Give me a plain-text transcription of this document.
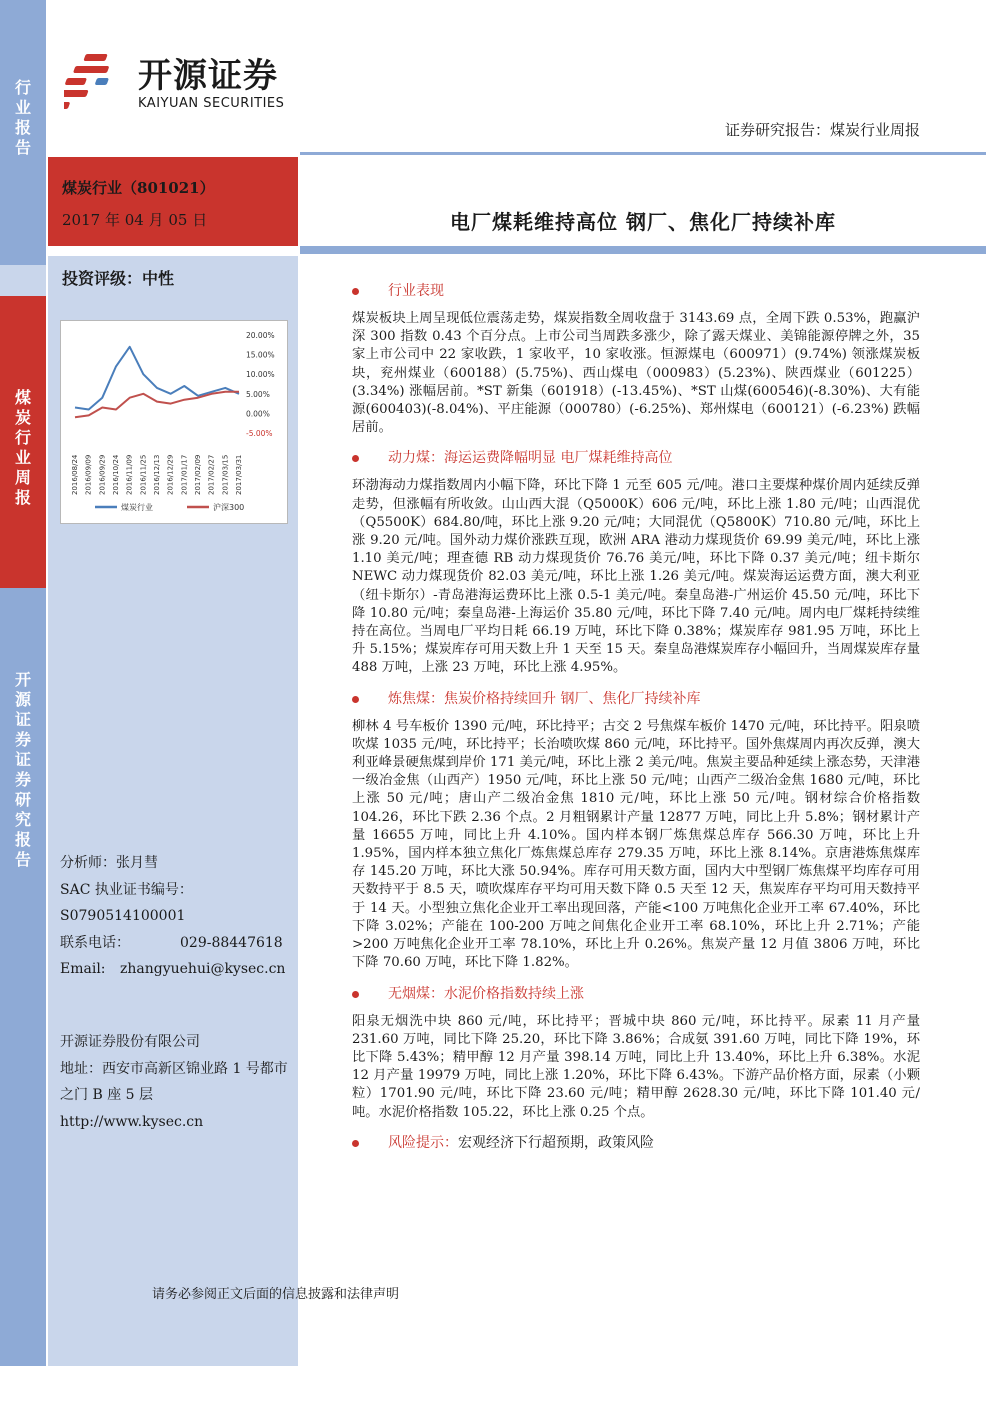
行业报告
煤炭行业周报
开源证券证券研究报告
开源证券
KAIYUAN SECURITIES
证券研究报告：煤炭行业周报
煤炭行业（801021）
2017 年 04 月 05 日	电厂煤耗维持高位 钢厂、焦化厂持续补库
投资评级：中性
20.00%
15.00%
10.00%
5.00%
0.00%
-5.00%
2016/08/24 2016/09/09 2016/09/29 2016/10/24 2016/11/09 2016/11/25 2016/12/13 2016/12/29 2017/01/17 2017/02/09 2017/02/27 2017/03/15 2017/03/31
煤炭行业	沪深300
分析师：张月彗
SAC 执业证书编号：
S0790514100001
联系电话：	029-88447618
Email: zhangyuehui@kysec.cn
开源证券股份有限公司
地址：西安市高新区锦业路 1 号都市之门 B 座 5 层
http://www.kysec.cn
行业表现

煤炭板块上周呈现低位震荡走势，煤炭指数全周收盘于 3143.69 点，全周下跌 0.53%，跑赢沪深 300 指数 0.43 个百分点。上市公司当周跌多涨少，除了露天煤业、美锦能源停牌之外，35 家上市公司中 22 家收跌，1 家收平，10 家收涨。恒源煤电（600971）(9.74%) 领涨煤炭板块，兖州煤业（600188）(5.75%)、西山煤电（000983）(5.23%)、陕西煤业（601225）(3.34%) 涨幅居前。*ST 新集（601918）(-13.45%)、*ST 山煤(600546)(-8.30%)、大有能源(600403)(-8.04%)、平庄能源（000780）(-6.25%)、郑州煤电（600121）(-6.23%) 跌幅居前。

动力煤：海运运费降幅明显 电厂煤耗维持高位

环渤海动力煤指数周内小幅下降，环比下降 1 元至 605 元/吨。港口主要煤种煤价周内延续反弹走势，但涨幅有所收敛。山山西大混（Q5000K）606 元/吨，环比上涨 1.80 元/吨；山西混优（Q5500K）684.80/吨，环比上涨 9.20 元/吨；大同混优（Q5800K）710.80 元/吨，环比上涨 9.20 元/吨。国外动力煤价涨跌互现，欧洲 ARA 港动力煤现货价 69.99 美元/吨，环比上涨 1.10 美元/吨；理查德 RB 动力煤现货价 76.76 美元/吨，环比下降 0.37 美元/吨；纽卡斯尔 NEWC 动力煤现货价 82.03 美元/吨，环比上涨 1.26 美元/吨。煤炭海运运费方面，澳大利亚（纽卡斯尔）-青岛港海运费环比上涨 0.5-1 美元/吨。秦皇岛港-广州运价 45.50 元/吨，环比下降 10.80 元/吨；秦皇岛港-上海运价 35.80 元/吨，环比下降 7.40 元/吨。周内电厂煤耗持续维持在高位。当周电厂平均日耗 66.19 万吨，环比下降 0.38%；煤炭库存 981.95 万吨，环比上升 5.15%；煤炭库存可用天数上升 1 天至 15 天。秦皇岛港煤炭库存小幅回升，当周煤炭库存量 488 万吨，上涨 23 万吨，环比上涨 4.95%。

炼焦煤：焦炭价格持续回升 钢厂、焦化厂持续补库

柳林 4 号车板价 1390 元/吨，环比持平；古交 2 号焦煤车板价 1470 元/吨，环比持平。阳泉喷吹煤 1035 元/吨，环比持平；长治喷吹煤 860 元/吨，环比持平。国外焦煤周内再次反弹，澳大利亚峰景硬焦煤到岸价 171 美元/吨，环比上涨 2 美元/吨。焦炭主要品种延续上涨态势，天津港一级冶金焦（山西产）1950 元/吨，环比上涨 50 元/吨；山西产二级冶金焦 1680 元/吨，环比上涨 50 元/吨；唐山产二级冶金焦 1810 元/吨，环比上涨 50 元/吨。钢材综合价格指数 104.26，环比下跌 2.36 个点。2 月粗钢累计产量 12877 万吨，同比上升 5.8%；钢材累计产量 16655 万吨，同比上升 4.10%。国内样本钢厂炼焦煤总库存 566.30 万吨，环比上升 1.95%，国内样本独立焦化厂炼焦煤总库存 279.35 万吨，环比上涨 8.14%。京唐港炼焦煤库存 145.20 万吨，环比大涨 50.94%。库存可用天数方面，国内大中型钢厂炼焦煤平均库存可用天数持平于 8.5 天，喷吹煤库存平均可用天数下降 0.5 天至 12 天，焦炭库存平均可用天数持平于 14 天。小型独立焦化企业开工率出现回落，产能<100 万吨焦化企业开工率 67.40%，环比下降 3.02%；产能在 100-200 万吨之间焦化企业开工率 68.10%，环比上升 2.71%；产能>200 万吨焦化企业开工率 78.10%，环比上升 0.26%。焦炭产量 12 月值 3806 万吨，环比下降 70.60 万吨，环比下降 1.82%。

无烟煤：水泥价格指数持续上涨

阳泉无烟洗中块 860 元/吨，环比持平；晋城中块 860 元/吨，环比持平。尿素 11 月产量 231.60 万吨，同比下降 25.20，环比下降 3.86%；合成氨 391.60 万吨，同比下降 19%，环比下降 5.43%；精甲醇 12 月产量 398.14 万吨，同比上升 13.40%，环比上升 6.38%。水泥 12 月产量 19979 万吨，同比上涨 1.20%，环比下降 6.43%。下游产品价格方面，尿素（小颗粒）1701.90 元/吨，环比下降 23.60 元/吨；精甲醇 2628.30 元/吨，环比下降 101.40 元/吨。水泥价格指数 105.22，环比上涨 0.25 个点。

风险提示：宏观经济下行超预期，政策风险
请务必参阅正文后面的信息披露和法律声明
